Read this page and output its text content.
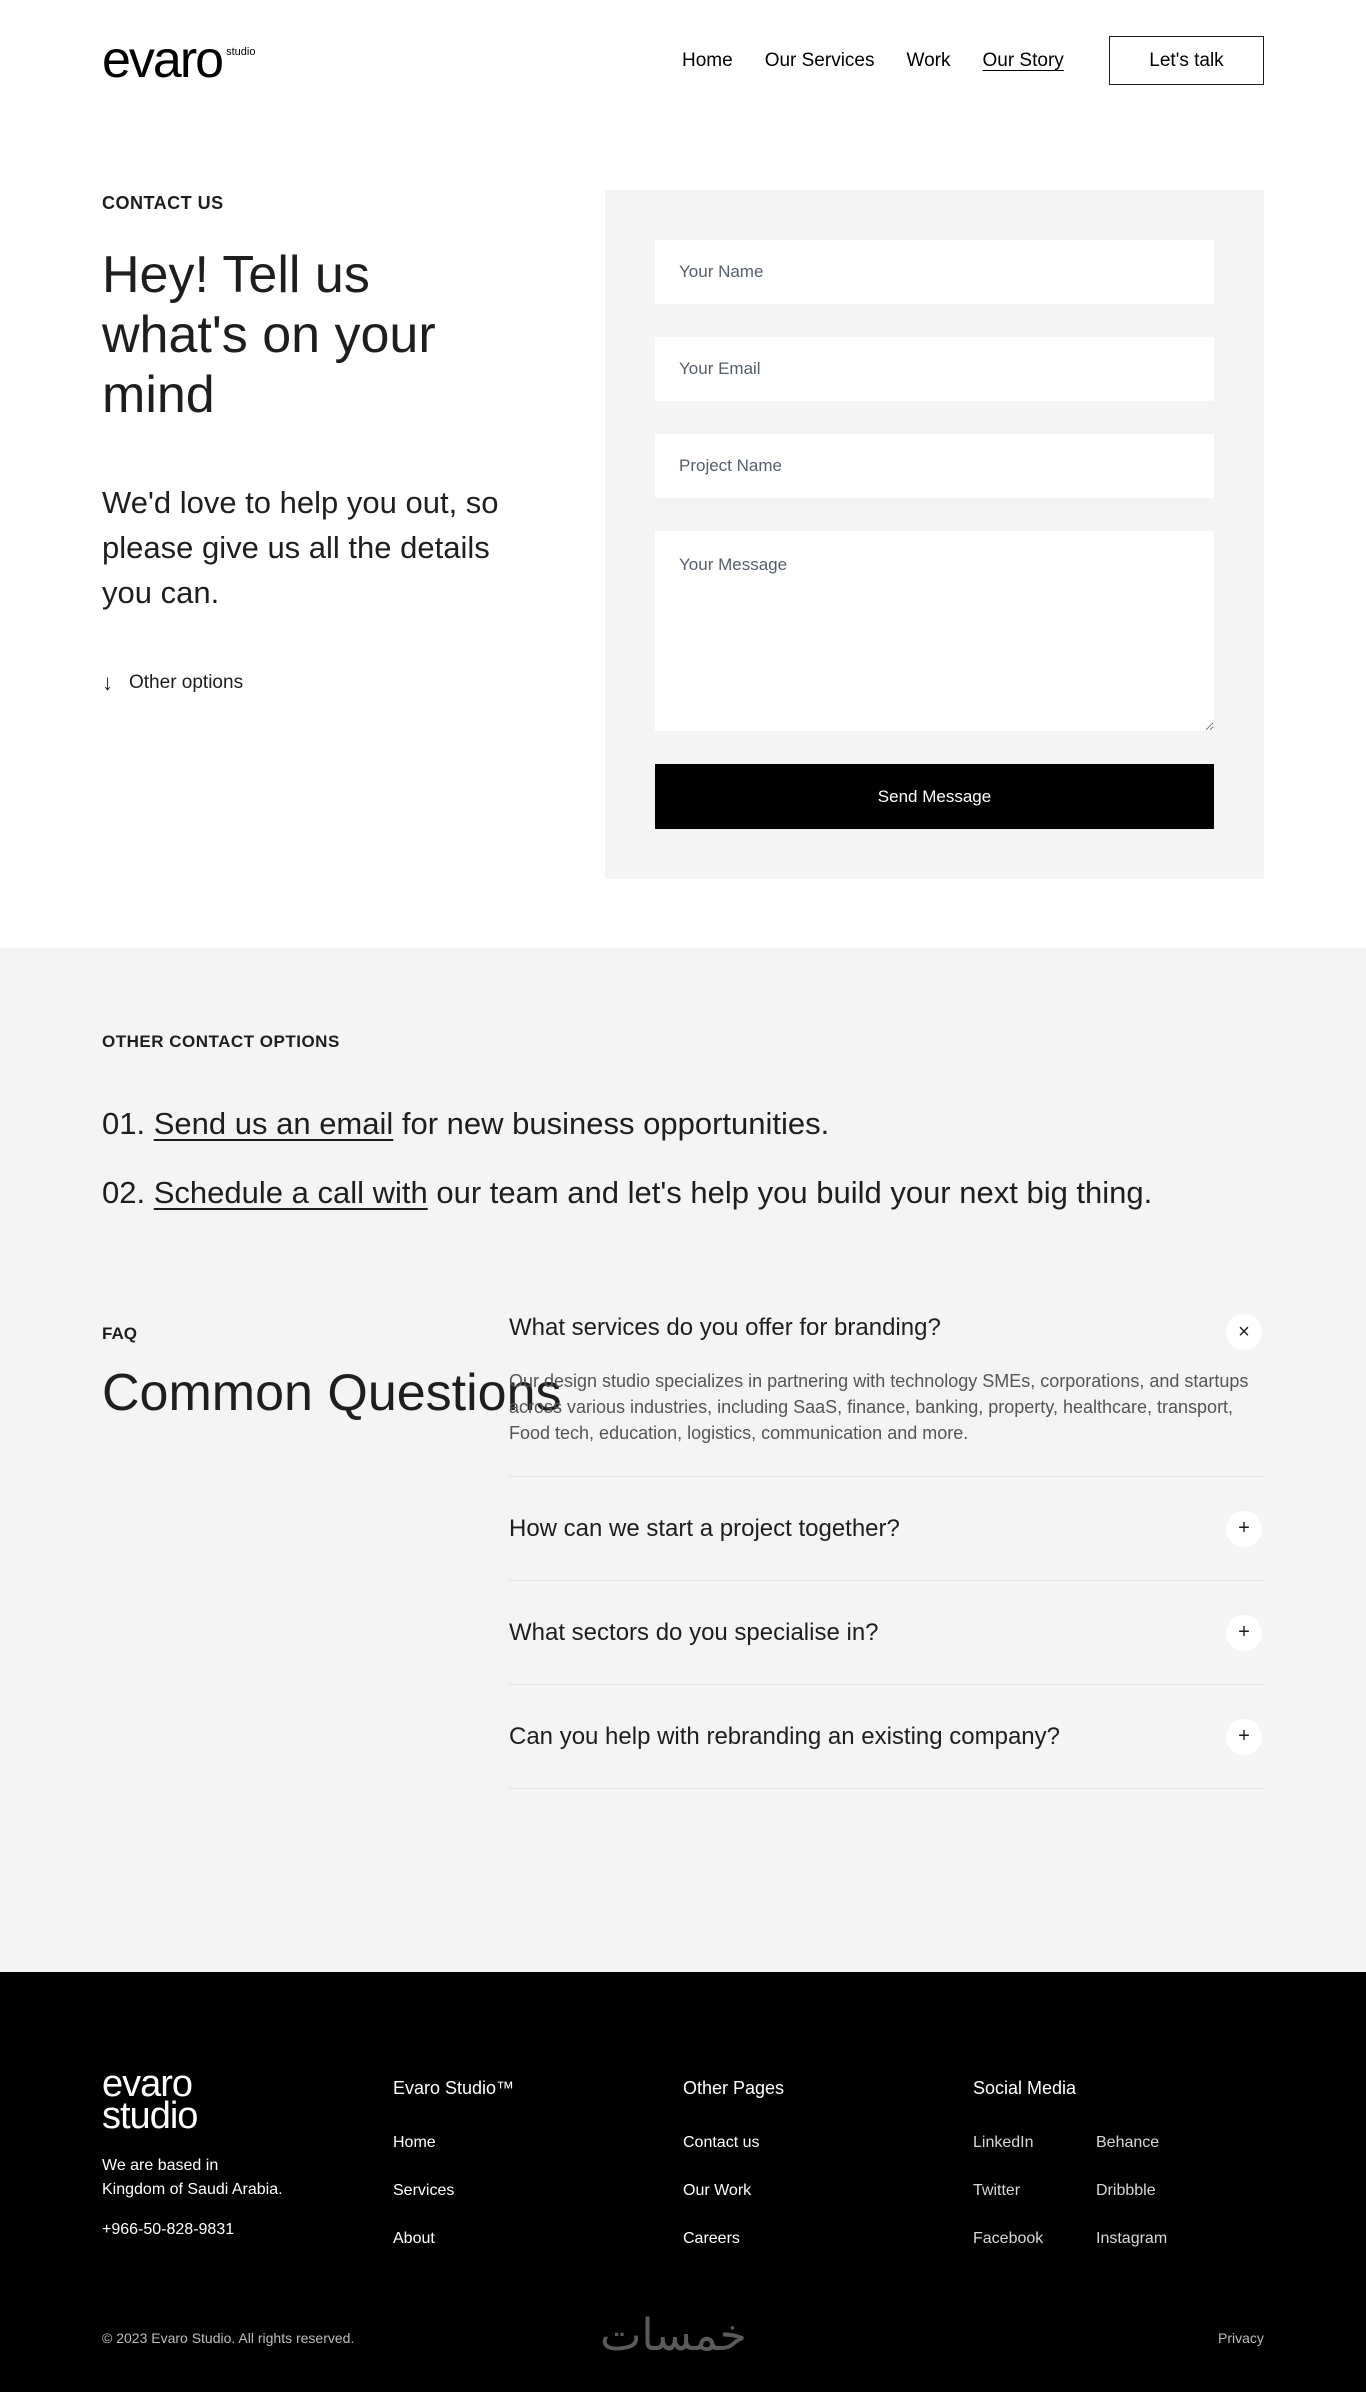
evaro studio	Home Our Services Work Our Story	Let's talk
CONTACT US
Hey! Tell us what's on your mind

We'd love to help you out, so please give us all the details you can.

↓ Other options
Your Name
Your Email
Project Name
Your Message
Send Message
OTHER CONTACT OPTIONS
01. Send us an email for new business opportunities.
02. Schedule a call with our team and let's help you build your next big thing.
FAQ
Common Questions
What services do you offer for branding?	×

Our design studio specializes in partnering with technology SMEs, corporations, and startups across various industries, including SaaS, finance, banking, property, healthcare, transport, Food tech, education, logistics, communication and more.

How can we start a project together?	+
What sectors do you specialise in?	+
Can you help with rebranding an existing company?	+
evaro
studio
We are based in
Kingdom of Saudi Arabia.
+966-50-828-9831
Evaro Studio™
Home
Services
About
Other Pages
Contact us
Our Work
Careers
Social Media
LinkedIn	Behance
Twitter	Dribbble
Facebook	Instagram
© 2023 Evaro Studio. All rights reserved.	خمسات	Privacy
